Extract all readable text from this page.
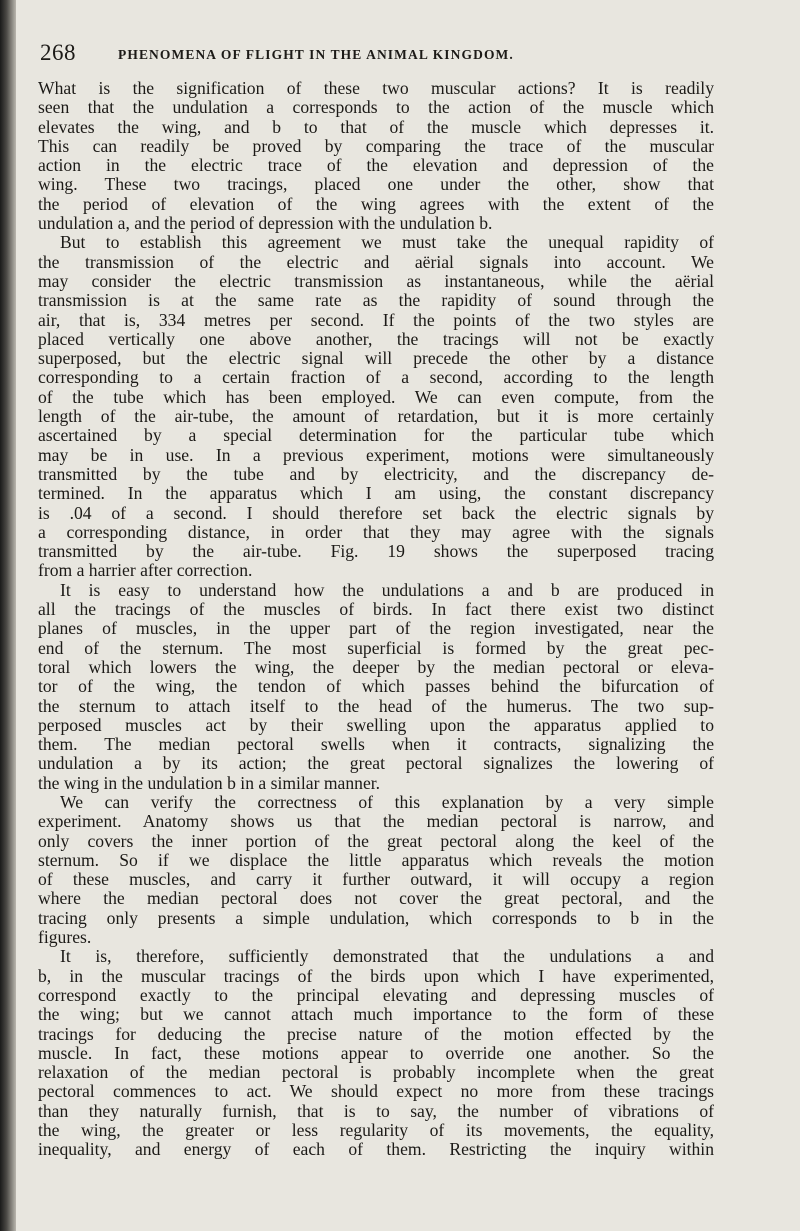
268	PHENOMENA OF FLIGHT IN THE ANIMAL KINGDOM.

What is the signification of these two muscular actions? It is readily
seen that the undulation a corresponds to the action of the muscle which
elevates the wing, and b to that of the muscle which depresses it.
This can readily be proved by comparing the trace of the muscular
action in the electric trace of the elevation and depression of the
wing. These two tracings, placed one under the other, show that
the period of elevation of the wing agrees with the extent of the
undulation a, and the period of depression with the undulation b.

But to establish this agreement we must take the unequal rapidity of
the transmission of the electric and aërial signals into account. We
may consider the electric transmission as instantaneous, while the aërial
transmission is at the same rate as the rapidity of sound through the
air, that is, 334 metres per second. If the points of the two styles are
placed vertically one above another, the tracings will not be exactly
superposed, but the electric signal will precede the other by a distance
corresponding to a certain fraction of a second, according to the length
of the tube which has been employed. We can even compute, from the
length of the air-tube, the amount of retardation, but it is more certainly
ascertained by a special determination for the particular tube which
may be in use. In a previous experiment, motions were simultaneously
transmitted by the tube and by electricity, and the discrepancy de-
termined. In the apparatus which I am using, the constant discrepancy
is .04 of a second. I should therefore set back the electric signals by
a corresponding distance, in order that they may agree with the signals
transmitted by the air-tube. Fig. 19 shows the superposed tracing
from a harrier after correction.

It is easy to understand how the undulations a and b are produced in
all the tracings of the muscles of birds. In fact there exist two distinct
planes of muscles, in the upper part of the region investigated, near the
end of the sternum. The most superficial is formed by the great pec-
toral which lowers the wing, the deeper by the median pectoral or eleva-
tor of the wing, the tendon of which passes behind the bifurcation of
the sternum to attach itself to the head of the humerus. The two sup-
perposed muscles act by their swelling upon the apparatus applied to
them. The median pectoral swells when it contracts, signalizing the
undulation a by its action; the great pectoral signalizes the lowering of
the wing in the undulation b in a similar manner.

We can verify the correctness of this explanation by a very simple
experiment. Anatomy shows us that the median pectoral is narrow, and
only covers the inner portion of the great pectoral along the keel of the
sternum. So if we displace the little apparatus which reveals the motion
of these muscles, and carry it further outward, it will occupy a region
where the median pectoral does not cover the great pectoral, and the
tracing only presents a simple undulation, which corresponds to b in the
figures.

It is, therefore, sufficiently demonstrated that the undulations a and
b, in the muscular tracings of the birds upon which I have experimented,
correspond exactly to the principal elevating and depressing muscles of
the wing; but we cannot attach much importance to the form of these
tracings for deducing the precise nature of the motion effected by the
muscle. In fact, these motions appear to override one another. So the
relaxation of the median pectoral is probably incomplete when the great
pectoral commences to act. We should expect no more from these tracings
than they naturally furnish, that is to say, the number of vibrations of
the wing, the greater or less regularity of its movements, the equality,
inequality, and energy of each of them. Restricting the inquiry within
